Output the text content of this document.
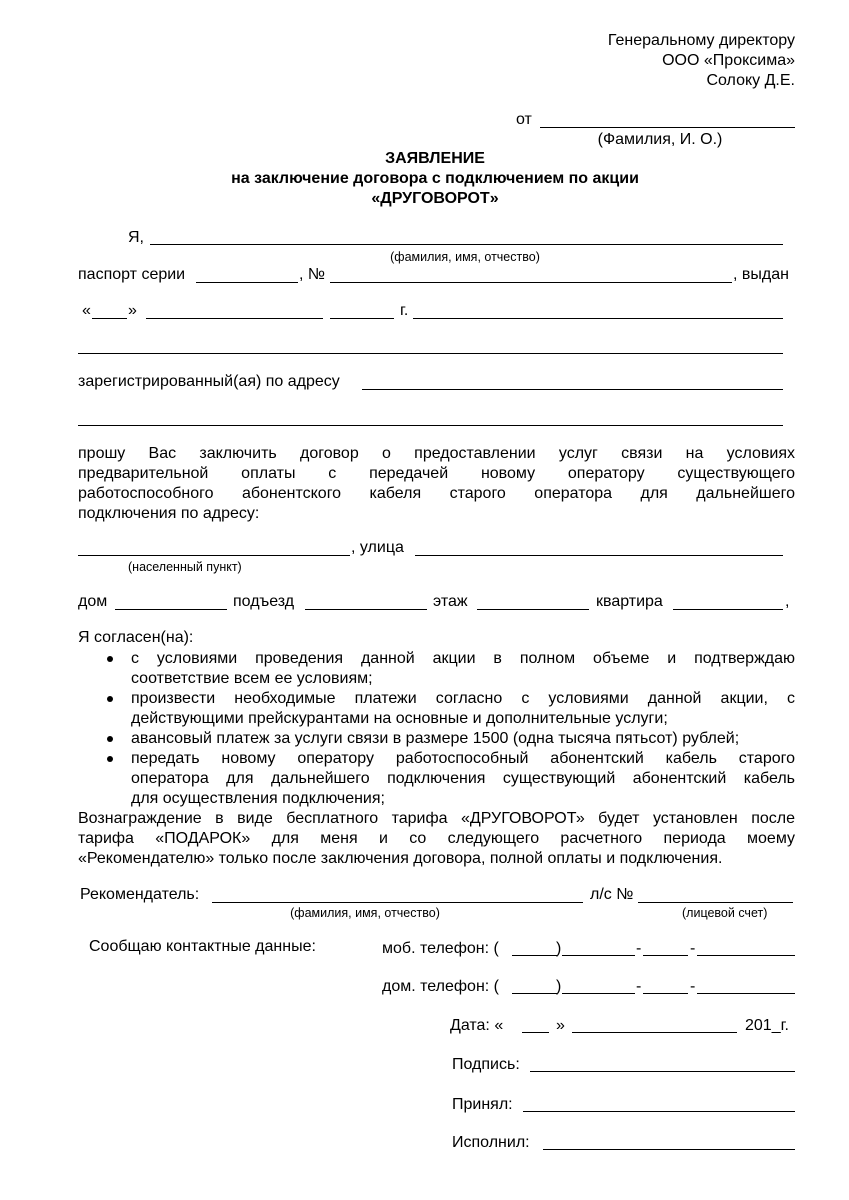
Генеральному директору
ООО «Проксима»
Солоку Д.Е.
от
(Фамилия, И. О.)
ЗАЯВЛЕНИЕ
на заключение договора с подключением по акции
«ДРУГОВОРОТ»
Я,
(фамилия, имя, отчество)
паспорт серии	, №	, выдан
« »	г.
зарегистрированный(ая) по адресу
прошу Вас заключить договор о предоставлении услуг связи на условиях
предварительной оплаты с передачей новому оператору существующего
работоспособного абонентского кабеля старого оператора для дальнейшего
подключения по адресу:
, улица
(населенный пункт)
дом	подъезд	этаж	квартира	,
Я согласен(на):
с условиями проведения данной акции в полном объеме и подтверждаю
соответствие всем ее условиям;
произвести необходимые платежи согласно с условиями данной акции, с
действующими прейскурантами на основные и дополнительные услуги;
авансовый платеж за услуги связи в размере 1500 (одна тысяча пятьсот) рублей;
передать новому оператору работоспособный абонентский кабель старого
оператора для дальнейшего подключения существующий абонентский кабель
для осуществления подключения;
Вознаграждение в виде бесплатного тарифа «ДРУГОВОРОТ» будет установлен после
тарифа «ПОДАРОК» для меня и со следующего расчетного периода моему
«Рекомендателю» только после заключения договора, полной оплаты и подключения.
Рекомендатель:
(фамилия, имя, отчество)
л/с №
(лицевой счет)
Сообщаю контактные данные:	моб. телефон: (	)	-	-
дом. телефон: (	)	-	-
Дата: «	»	201_г.
Подпись:
Принял:
Исполнил:
